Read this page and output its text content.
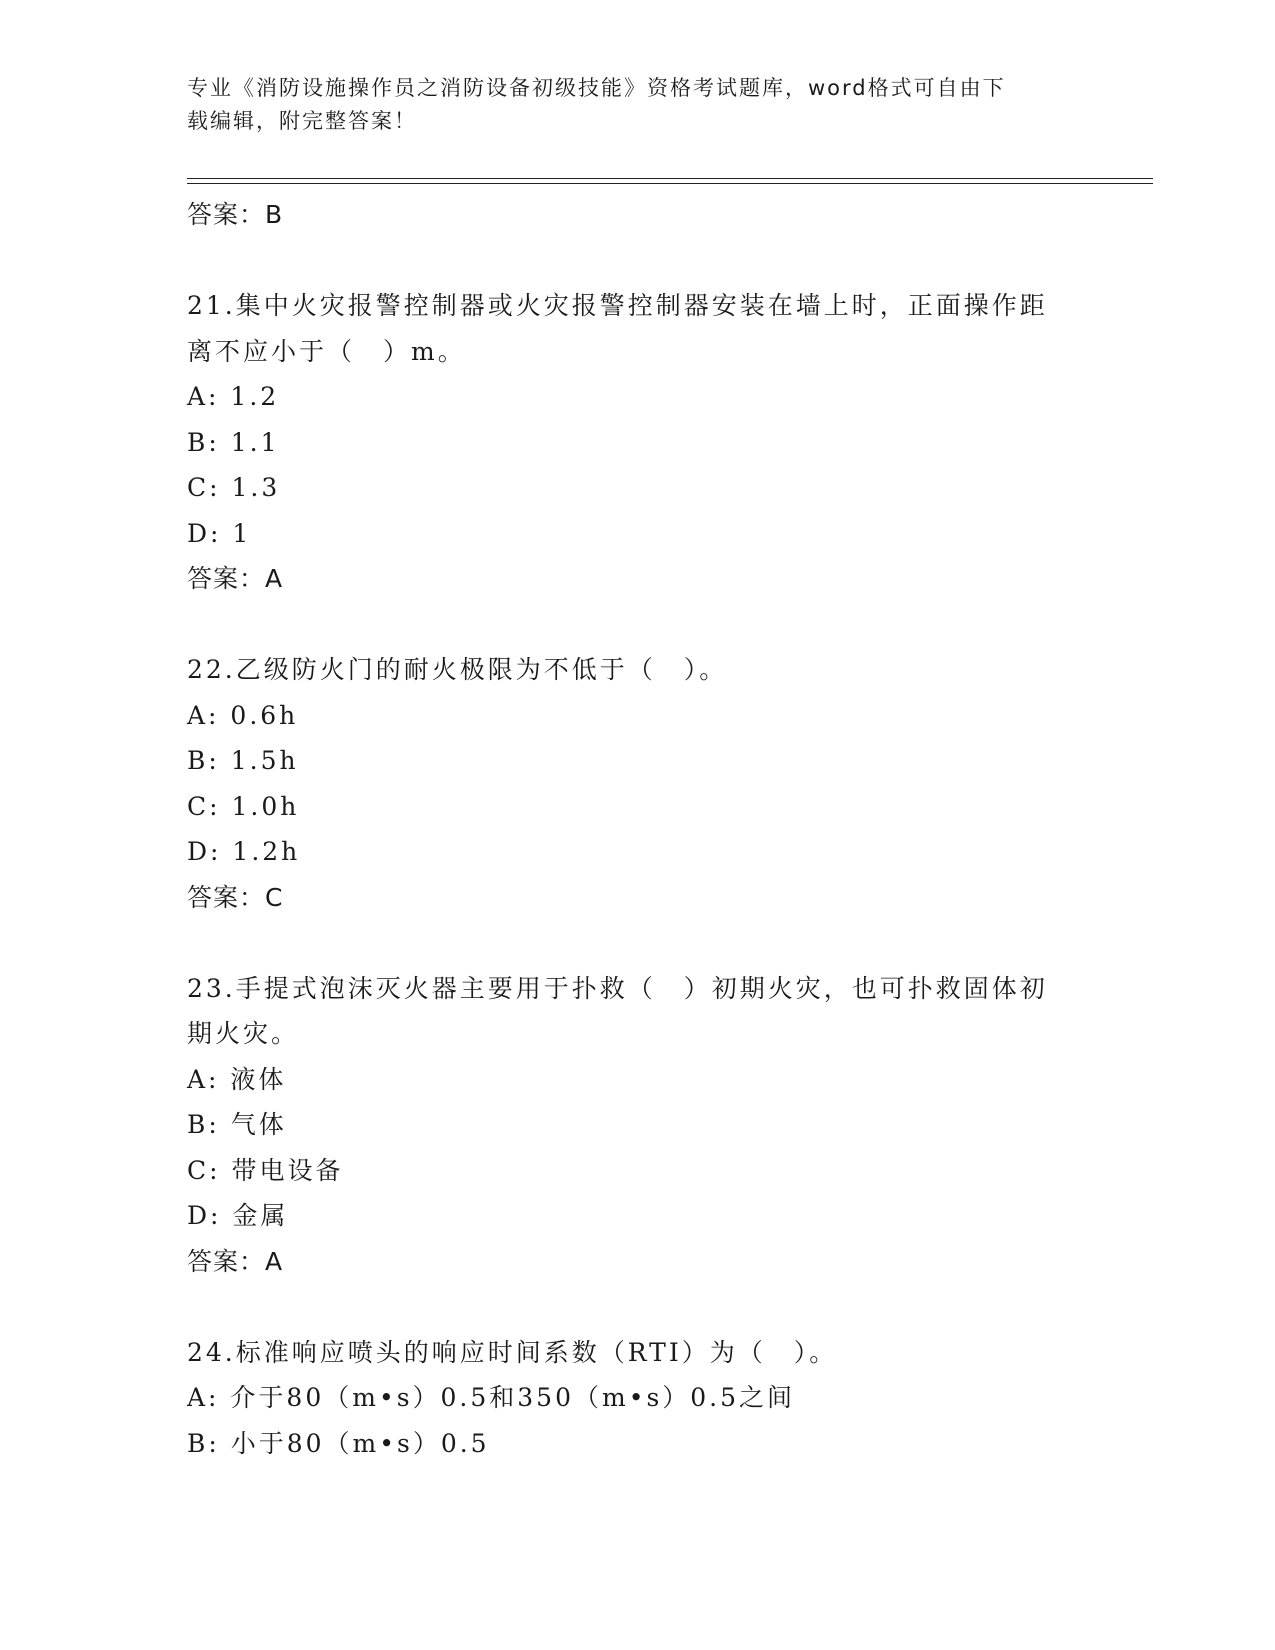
专业《消防设施操作员之消防设备初级技能》资格考试题库，word格式可自由下
载编辑，附完整答案！
答案：B
21.集中火灾报警控制器或火灾报警控制器安装在墙上时，正面操作距
离不应小于（　）m。
A: 1.2
B: 1.1
C: 1.3
D: 1
答案：A
22.乙级防火门的耐火极限为不低于（　）。
A: 0.6h
B: 1.5h
C: 1.0h
D: 1.2h
答案：C
23.手提式泡沫灭火器主要用于扑救（　）初期火灾，也可扑救固体初
期火灾。
A: 液体
B: 气体
C: 带电设备
D: 金属
答案：A
24.标准响应喷头的响应时间系数（RTI）为（　）。
A: 介于80（m•s）0.5和350（m•s）0.5之间
B: 小于80（m•s）0.5
